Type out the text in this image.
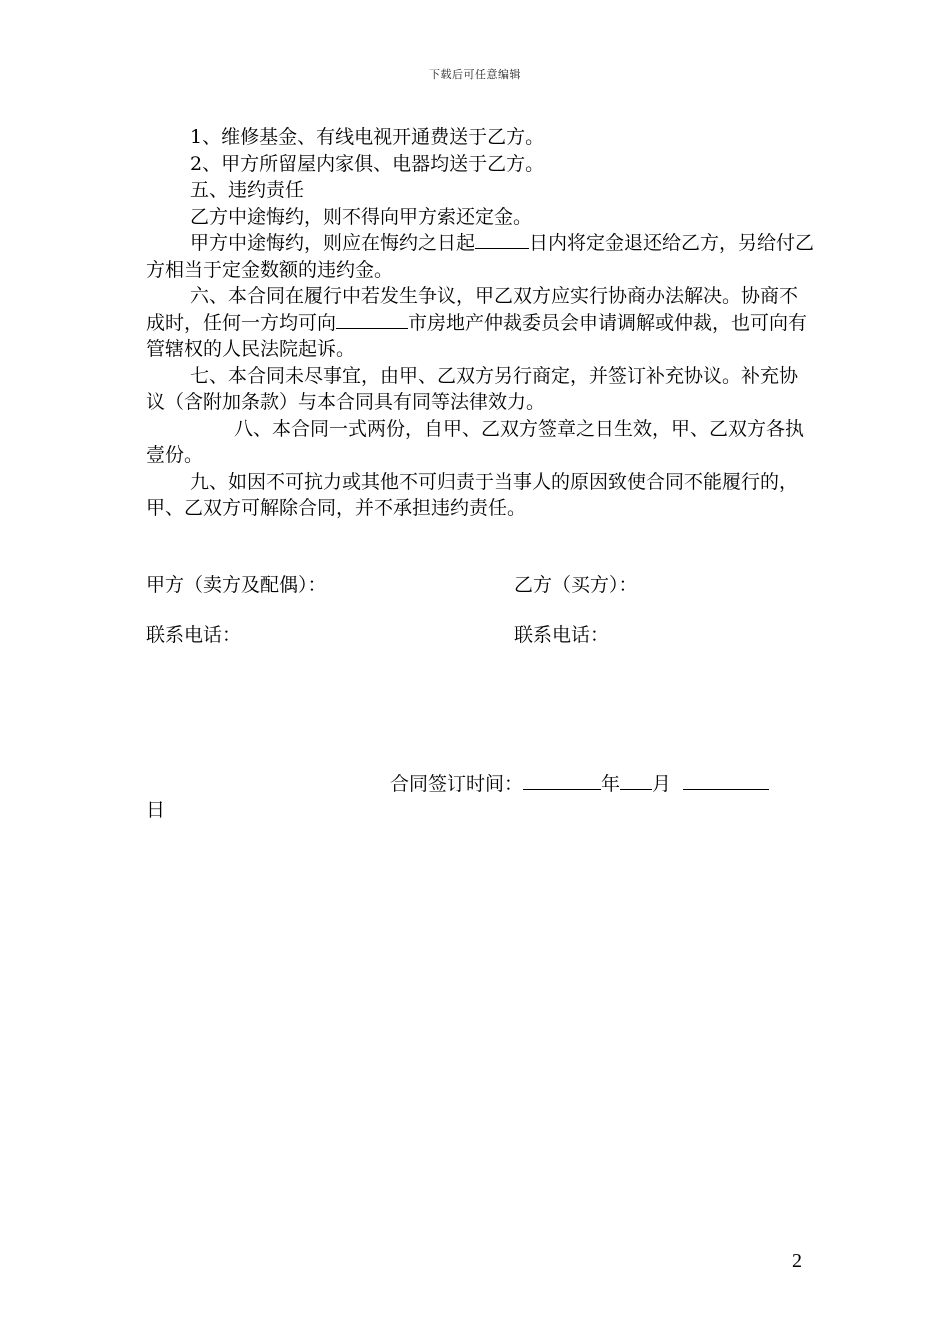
下载后可任意编辑

1、维修基金、有线电视开通费送于乙方。

2、甲方所留屋内家俱、电器均送于乙方。

五、违约责任

乙方中途悔约，则不得向甲方索还定金。

甲方中途悔约，则应在悔约之日起	日内将定金退还给乙方，另给付乙方相当于定金数额的违约金。

六、本合同在履行中若发生争议，甲乙双方应实行协商办法解决。协商不成时，任何一方均可向	市房地产仲裁委员会申请调解或仲裁，也可向有管辖权的人民法院起诉。

七、本合同未尽事宜，由甲、乙双方另行商定，并签订补充协议。补充协议（含附加条款）与本合同具有同等法律效力。

八、本合同一式两份，自甲、乙双方签章之日生效，甲、乙双方各执壹份。

九、如因不可抗力或其他不可归责于当事人的原因致使合同不能履行的，甲、乙双方可解除合同，并不承担违约责任。

甲方（卖方及配偶）：	乙方（买方）：
联系电话：	联系电话：
合同签订时间：	年 月
日
2
